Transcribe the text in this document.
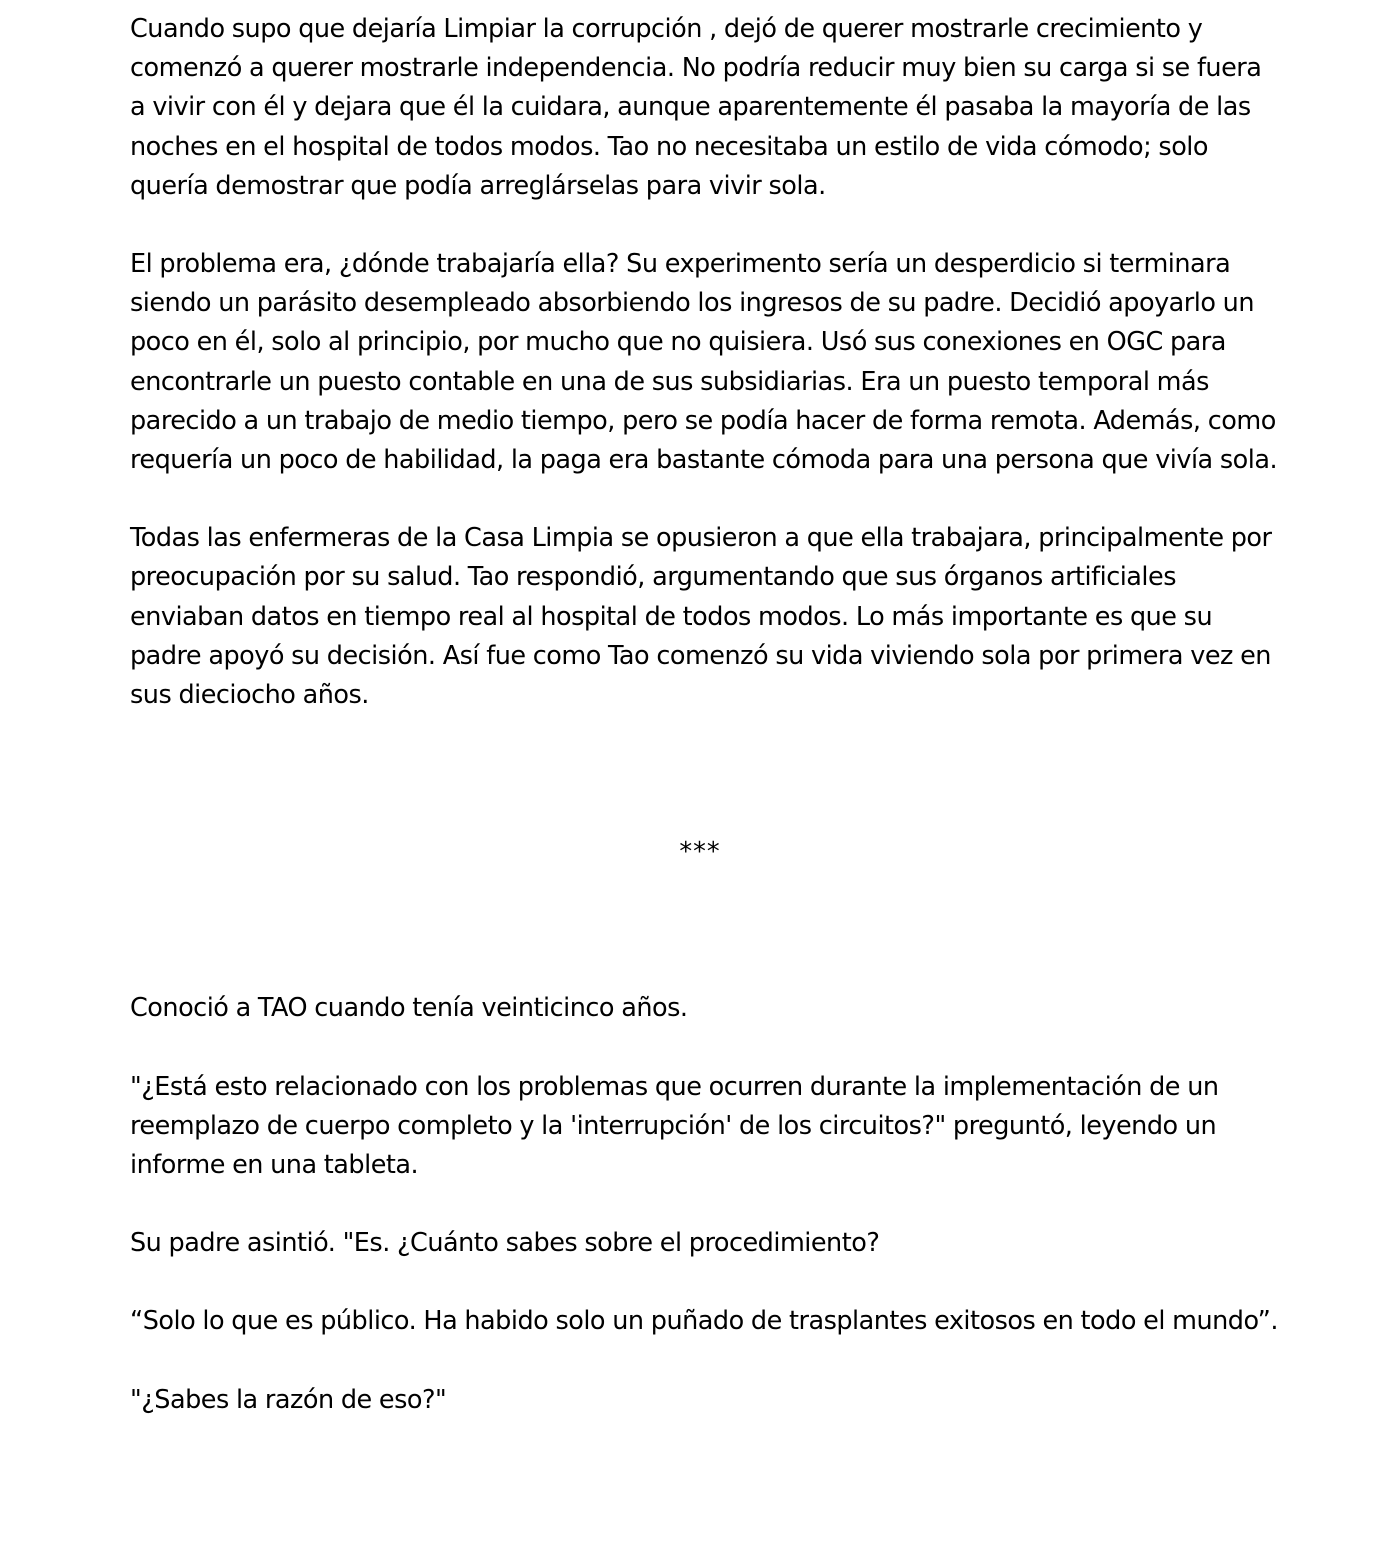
Cuando supo que dejaría Limpiar la corrupción , dejó de querer mostrarle crecimiento y comenzó a querer mostrarle independencia. No podría reducir muy bien su carga si se fuera a vivir con él y dejara que él la cuidara, aunque aparentemente él pasaba la mayoría de las noches en el hospital de todos modos. Tao no necesitaba un estilo de vida cómodo; solo quería demostrar que podía arreglárselas para vivir sola.

El problema era, ¿dónde trabajaría ella? Su experimento sería un desperdicio si terminara siendo un parásito desempleado absorbiendo los ingresos de su padre. Decidió apoyarlo un poco en él, solo al principio, por mucho que no quisiera. Usó sus conexiones en OGC para encontrarle un puesto contable en una de sus subsidiarias. Era un puesto temporal más parecido a un trabajo de medio tiempo, pero se podía hacer de forma remota. Además, como requería un poco de habilidad, la paga era bastante cómoda para una persona que vivía sola.

Todas las enfermeras de la Casa Limpia se opusieron a que ella trabajara, principalmente por preocupación por su salud. Tao respondió, argumentando que sus órganos artificiales enviaban datos en tiempo real al hospital de todos modos. Lo más importante es que su padre apoyó su decisión. Así fue como Tao comenzó su vida viviendo sola por primera vez en sus dieciocho años.

***

Conoció a TAO cuando tenía veinticinco años.

"¿Está esto relacionado con los problemas que ocurren durante la implementación de un reemplazo de cuerpo completo y la 'interrupción' de los circuitos?" preguntó, leyendo un informe en una tableta.

Su padre asintió. "Es. ¿Cuánto sabes sobre el procedimiento?

“Solo lo que es público. Ha habido solo un puñado de trasplantes exitosos en todo el mundo”.

"¿Sabes la razón de eso?"
